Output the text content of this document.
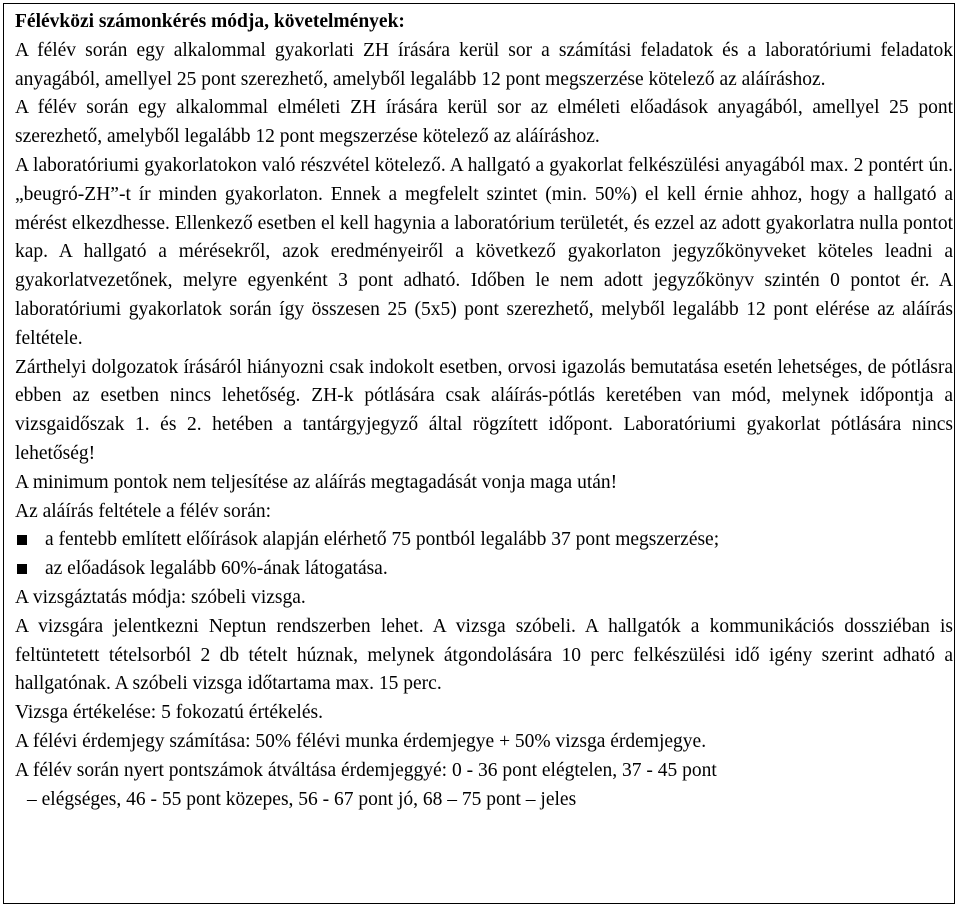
Félévközi számonkérés módja, követelmények:

A félév során egy alkalommal gyakorlati ZH írására kerül sor a számítási feladatok és a laboratóriumi feladatok anyagából, amellyel 25 pont szerezhető, amelyből legalább 12 pont megszerzése kötelező az aláíráshoz.

A félév során egy alkalommal elméleti ZH írására kerül sor az elméleti előadások anyagából, amellyel 25 pont szerezhető, amelyből legalább 12 pont megszerzése kötelező az aláíráshoz.

A laboratóriumi gyakorlatokon való részvétel kötelező. A hallgató a gyakorlat felkészülési anyagából max. 2 pontért ún. „beugró-ZH”-t ír minden gyakorlaton. Ennek a megfelelt szintet (min. 50%) el kell érnie ahhoz, hogy a hallgató a mérést elkezdhesse. Ellenkező esetben el kell hagynia a laboratórium területét, és ezzel az adott gyakorlatra nulla pontot kap. A hallgató a mérésekről, azok eredményeiről a következő gyakorlaton jegyzőkönyveket köteles leadni a gyakorlatvezetőnek, melyre egyenként 3 pont adható. Időben le nem adott jegyzőkönyv szintén 0 pontot ér. A laboratóriumi gyakorlatok során így összesen 25 (5x5) pont szerezhető, melyből legalább 12 pont elérése az aláírás feltétele.

Zárthelyi dolgozatok írásáról hiányozni csak indokolt esetben, orvosi igazolás bemutatása esetén lehetséges, de pótlásra ebben az esetben nincs lehetőség. ZH-k pótlására csak aláírás-pótlás keretében van mód, melynek időpontja a vizsgaidőszak 1. és 2. hetében a tantárgyjegyző által rögzített időpont. Laboratóriumi gyakorlat pótlására nincs lehetőség!

A minimum pontok nem teljesítése az aláírás megtagadását vonja maga után!

Az aláírás feltétele a félév során:

a fentebb említett előírások alapján elérhető 75 pontból legalább 37 pont megszerzése;
az előadások legalább 60%-ának látogatása.

A vizsgáztatás módja: szóbeli vizsga.

A vizsgára jelentkezni Neptun rendszerben lehet. A vizsga szóbeli. A hallgatók a kommunikációs dossziéban is feltüntetett tételsorból 2 db tételt húznak, melynek átgondolására 10 perc felkészülési idő igény szerint adható a hallgatónak. A szóbeli vizsga időtartama max. 15 perc.

Vizsga értékelése: 5 fokozatú értékelés.

A félévi érdemjegy számítása: 50% félévi munka érdemjegye + 50% vizsga érdemjegye.

A félév során nyert pontszámok átváltása érdemjeggyé: 0 - 36 pont elégtelen, 37 - 45 pont

– elégséges, 46 - 55 pont közepes, 56 - 67 pont jó, 68 – 75 pont – jeles
